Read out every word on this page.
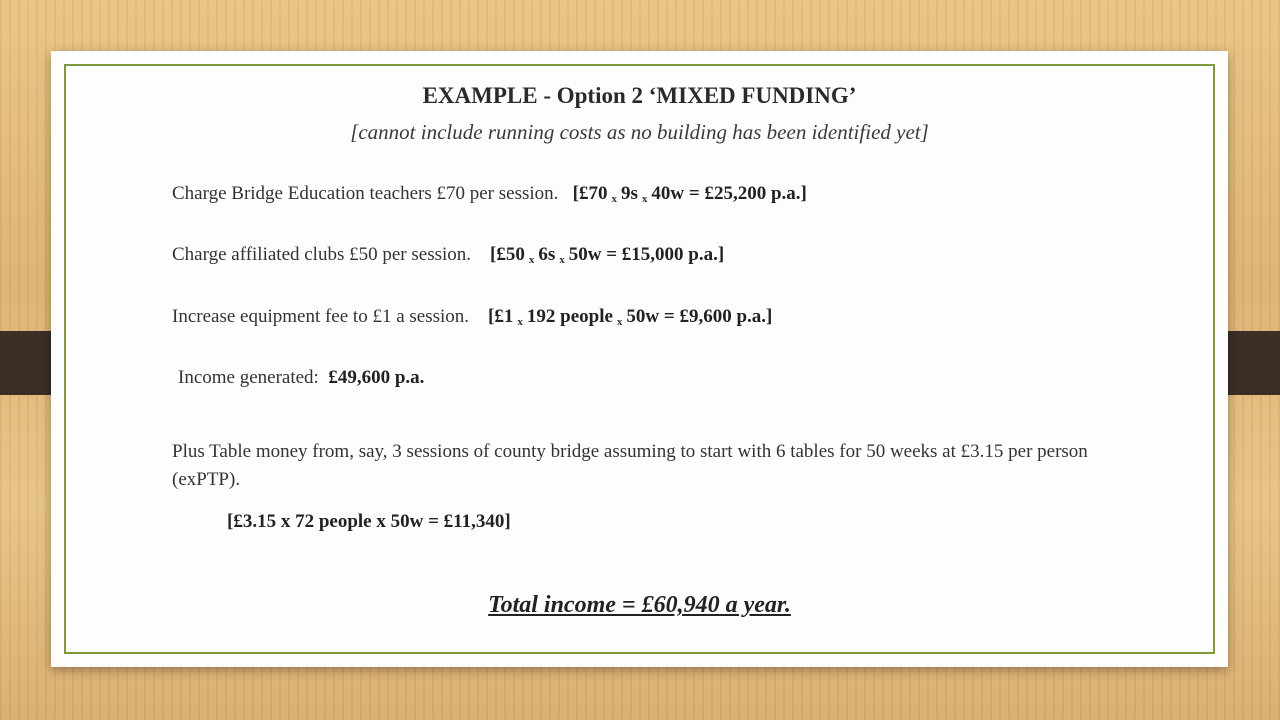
EXAMPLE - Option 2 ‘MIXED FUNDING’
[cannot include running costs as no building has been identified yet]
Charge Bridge Education teachers £70 per session. [£70 $_x$ 9s $_x$ 40w = £25,200 p.a.]
Charge affiliated clubs £50 per session. [£50 $_x$ 6s $_x$ 50w = £15,000 p.a.]
Increase equipment fee to £1 a session. [£1 $_x$ 192 people $_x$ 50w = £9,600 p.a.]
Income generated: £49,600 p.a.
Plus Table money from, say, 3 sessions of county bridge assuming to start with 6 tables for 50 weeks at £3.15 per person (exPTP).
[£3.15 x 72 people x 50w = £11,340]
Total income = £60,940 a year.
